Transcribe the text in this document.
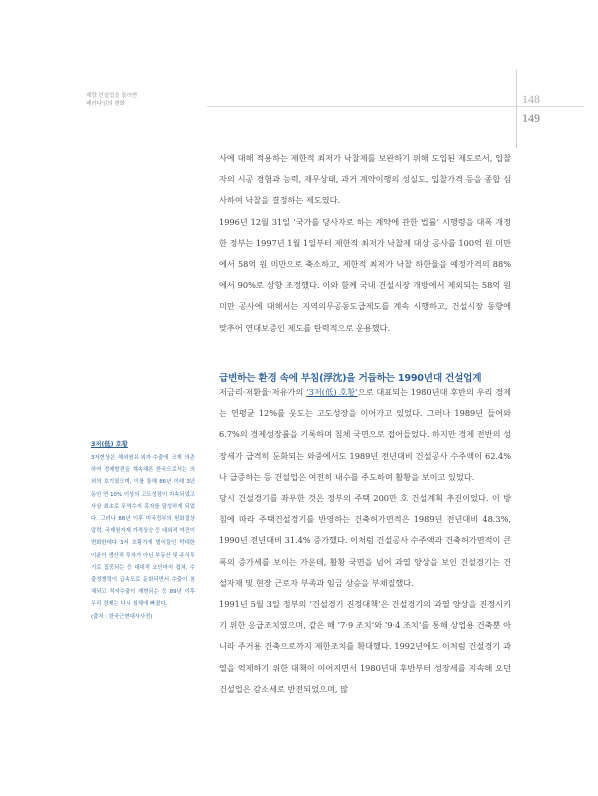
제량 건설업을 돌러싼
패러다임의 변화	148
149
사에 대해 적용하는 제한적 최저가 낙찰제를 보완하기 위해 도입된 제도로서, 입찰자의 시공 경험과 능력, 재무상태, 과거 계약이행의 성실도, 입찰가격 등을 종합 심사하여 낙찰을 결정하는 제도였다.
1996년 12월 31일 ‘국가를 당사자로 하는 계약에 관한 법률’ 시행령을 대폭 개정한 정부는 1997년 1월 1일부터 제한적 최저가 낙찰제 대상 공사를 100억 원 미만에서 58억 원 미만으로 축소하고, 제한적 최저가 낙찰 하한율을 예정가격의 88%에서 90%로 상향 조정했다. 이와 함께 국내 건설시장 개방에서 제외되는 58억 원 미만 공사에 대해서는 지역의무공동도급제도를 계속 시행하고, 건설시장 동향에 맞추어 연대보증인 제도를 탄력적으로 운용했다.
급변하는 환경 속에 부침(浮沈)을 거듭하는 1990년대 건설업계
저금리·저환율·저유가의 ‘3저(低) 호황’으로 대표되는 1980년대 후반의 우리 경제는 연평균 12%를 웃도는 고도성장을 이어가고 있었다. 그러나 1989년 들어와 6.7%의 경제성장률을 기록하며 침체 국면으로 접어들었다. 하지만 경제 전반의 성장세가 급격히 둔화되는 와중에서도 1989년 전년대비 건설공사 수주액이 62.4%나 급증하는 등 건설업은 여전히 내수를 주도하며 활황을 보이고 있었다.
당시 건설경기를 좌우한 것은 정부의 주택 200만 호 건설계획 추진이었다. 이 방침에 따라 주택건설경기를 반영하는 건축허가면적은 1989년 전년대비 48.3%, 1990년 전년대비 31.4% 증가했다. 이처럼 건설공사 수주액과 건축허가면적이 큰 폭의 증가세를 보이는 가운데, 활황 국면을 넘어 과열 양상을 보인 건설경기는 건설자재 및 현장 근로자 부족과 임금 상승을 부채질했다.
1991년 5월 3일 정부의 ‘건설경기 진정대책’은 건설경기의 과열 양상을 진정시키기 위한 응급조치였으며, 같은 해 ‘7·9 조치’와 ‘9·4 조치’를 통해 상업용 건축뿐 아니라 주거용 건축으로까지 제한조치를 확대했다. 1992년에도 이처럼 건설경기 과열을 억제하기 위한 대책이 이어지면서 1980년대 후반부터 성장세를 지속해 오던 건설업은 감소세로 반전되었으며, 많
3저(低) 호황
3저현상은 해외원유·외자·수출에 크게 의존하여 경제발전을 계속해온 한국으로서는 의외의 호기였으며, 이를 통해 86년 이래 3년 동안 연 10% 이상의 고도성장이 지속되었고 사상 최초로 무역수지 흑자를 달성하게 되었다. 그러나 88년 이후 미국정부의 원화절상 압력, 국제원자재 가격상승 등 대외적 여건이 변화한데다 3저 호황기에 벌어들인 막대한 이윤이 생산적 투자가 아닌 부동산 및 주식투기로 집중되는 등 대내적 요인마저 겹쳐, 수출경쟁력이 급속도로 둔화되면서 수출이 침체되고 적자수출이 재현되는 등 89년 이후 우리 경제는 다시 침체에 빠졌다.
(출처 : 한국근현대사사전)
